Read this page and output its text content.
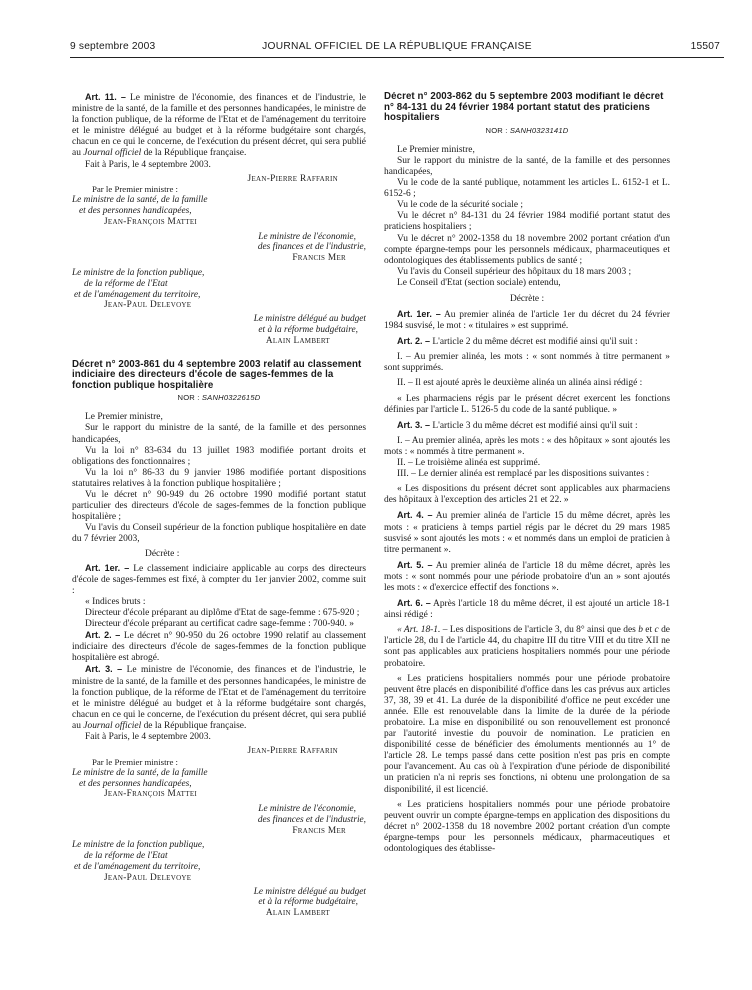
9 septembre 2003	JOURNAL OFFICIEL DE LA RÉPUBLIQUE FRANÇAISE	15507

Art. 11. – Le ministre de l'économie, des finances et de l'industrie, le ministre de la santé, de la famille et des personnes handicapées, le ministre de la fonction publique, de la réforme de l'Etat et de l'aménagement du territoire et le ministre délégué au budget et à la réforme budgétaire sont chargés, chacun en ce qui le concerne, de l'exécution du présent décret, qui sera publié au Journal officiel de la République française.

Fait à Paris, le 4 septembre 2003.

Jean-Pierre Raffarin

Par le Premier ministre :

Le ministre de la santé, de la famille

et des personnes handicapées,

Jean-François Mattei

Le ministre de l'économie,

des finances et de l'industrie,

Francis Mer

Le ministre de la fonction publique,

de la réforme de l'Etat

et de l'aménagement du territoire,

Jean-Paul Delevoye

Le ministre délégué au budget

et à la réforme budgétaire,

Alain Lambert

Décret n° 2003-861 du 4 septembre 2003 relatif au classement indiciaire des directeurs d'école de sages-femmes de la fonction publique hospitalière
NOR : SANH0322615D

Le Premier ministre,

Sur le rapport du ministre de la santé, de la famille et des personnes handicapées,

Vu la loi n° 83-634 du 13 juillet 1983 modifiée portant droits et obligations des fonctionnaires ;

Vu la loi n° 86-33 du 9 janvier 1986 modifiée portant dispositions statutaires relatives à la fonction publique hospitalière ;

Vu le décret n° 90-949 du 26 octobre 1990 modifié portant statut particulier des directeurs d'école de sages-femmes de la fonction publique hospitalière ;

Vu l'avis du Conseil supérieur de la fonction publique hospitalière en date du 7 février 2003,

Décrète :

Art. 1er. – Le classement indiciaire applicable au corps des directeurs d'école de sages-femmes est fixé, à compter du 1er janvier 2002, comme suit :

« Indices bruts :

Directeur d'école préparant au diplôme d'Etat de sage-femme : 675-920 ;

Directeur d'école préparant au certificat cadre sage-femme : 700-940. »

Art. 2. – Le décret n° 90-950 du 26 octobre 1990 relatif au classement indiciaire des directeurs d'école de sages-femmes de la fonction publique hospitalière est abrogé.

Art. 3. – Le ministre de l'économie, des finances et de l'industrie, le ministre de la santé, de la famille et des personnes handicapées, le ministre de la fonction publique, de la réforme de l'Etat et de l'aménagement du territoire et le ministre délégué au budget et à la réforme budgétaire sont chargés, chacun en ce qui le concerne, de l'exécution du présent décret, qui sera publié au Journal officiel de la République française.

Fait à Paris, le 4 septembre 2003.

Jean-Pierre Raffarin

Par le Premier ministre :

Le ministre de la santé, de la famille

et des personnes handicapées,

Jean-François Mattei

Le ministre de l'économie,

des finances et de l'industrie,

Francis Mer

Le ministre de la fonction publique,

de la réforme de l'Etat

et de l'aménagement du territoire,

Jean-Paul Delevoye

Le ministre délégué au budget

et à la réforme budgétaire,

Alain Lambert

Décret n° 2003-862 du 5 septembre 2003 modifiant le décret n° 84-131 du 24 février 1984 portant statut des praticiens hospitaliers
NOR : SANH0323141D

Le Premier ministre,

Sur le rapport du ministre de la santé, de la famille et des personnes handicapées,

Vu le code de la santé publique, notamment les articles L. 6152-1 et L. 6152-6 ;

Vu le code de la sécurité sociale ;

Vu le décret n° 84-131 du 24 février 1984 modifié portant statut des praticiens hospitaliers ;

Vu le décret n° 2002-1358 du 18 novembre 2002 portant création d'un compte épargne-temps pour les personnels médicaux, pharmaceutiques et odontologiques des établissements publics de santé ;

Vu l'avis du Conseil supérieur des hôpitaux du 18 mars 2003 ;

Le Conseil d'Etat (section sociale) entendu,

Décrète :

Art. 1er. – Au premier alinéa de l'article 1er du décret du 24 février 1984 susvisé, le mot : « titulaires » est supprimé.

Art. 2. – L'article 2 du même décret est modifié ainsi qu'il suit :

I. – Au premier alinéa, les mots : « sont nommés à titre permanent » sont supprimés.

II. – Il est ajouté après le deuxième alinéa un alinéa ainsi rédigé :

« Les pharmaciens régis par le présent décret exercent les fonctions définies par l'article L. 5126-5 du code de la santé publique. »

Art. 3. – L'article 3 du même décret est modifié ainsi qu'il suit :

I. – Au premier alinéa, après les mots : « des hôpitaux » sont ajoutés les mots : « nommés à titre permanent ».

II. – Le troisième alinéa est supprimé.

III. – Le dernier alinéa est remplacé par les dispositions suivantes :

« Les dispositions du présent décret sont applicables aux pharmaciens des hôpitaux à l'exception des articles 21 et 22. »

Art. 4. – Au premier alinéa de l'article 15 du même décret, après les mots : « praticiens à temps partiel régis par le décret du 29 mars 1985 susvisé » sont ajoutés les mots : « et nommés dans un emploi de praticien à titre permanent ».

Art. 5. – Au premier alinéa de l'article 18 du même décret, après les mots : « sont nommés pour une période probatoire d'un an » sont ajoutés les mots : « d'exercice effectif des fonctions ».

Art. 6. – Après l'article 18 du même décret, il est ajouté un article 18-1 ainsi rédigé :

« Art. 18-1. – Les dispositions de l'article 3, du 8° ainsi que des b et c de l'article 28, du I de l'article 44, du chapitre III du titre VIII et du titre XII ne sont pas applicables aux praticiens hospitaliers nommés pour une période probatoire.

« Les praticiens hospitaliers nommés pour une période probatoire peuvent être placés en disponibilité d'office dans les cas prévus aux articles 37, 38, 39 et 41. La durée de la disponibilité d'office ne peut excéder une année. Elle est renouvelable dans la limite de la durée de la période probatoire. La mise en disponibilité ou son renouvellement est prononcé par l'autorité investie du pouvoir de nomination. Le praticien en disponibilité cesse de bénéficier des émoluments mentionnés au 1° de l'article 28. Le temps passé dans cette position n'est pas pris en compte pour l'avancement. Au cas où à l'expiration d'une période de disponibilité un praticien n'a ni repris ses fonctions, ni obtenu une prolongation de sa disponibilité, il est licencié.

« Les praticiens hospitaliers nommés pour une période probatoire peuvent ouvrir un compte épargne-temps en application des dispositions du décret n° 2002-1358 du 18 novembre 2002 portant création d'un compte épargne-temps pour les personnels médicaux, pharmaceutiques et odontologiques des établisse-
